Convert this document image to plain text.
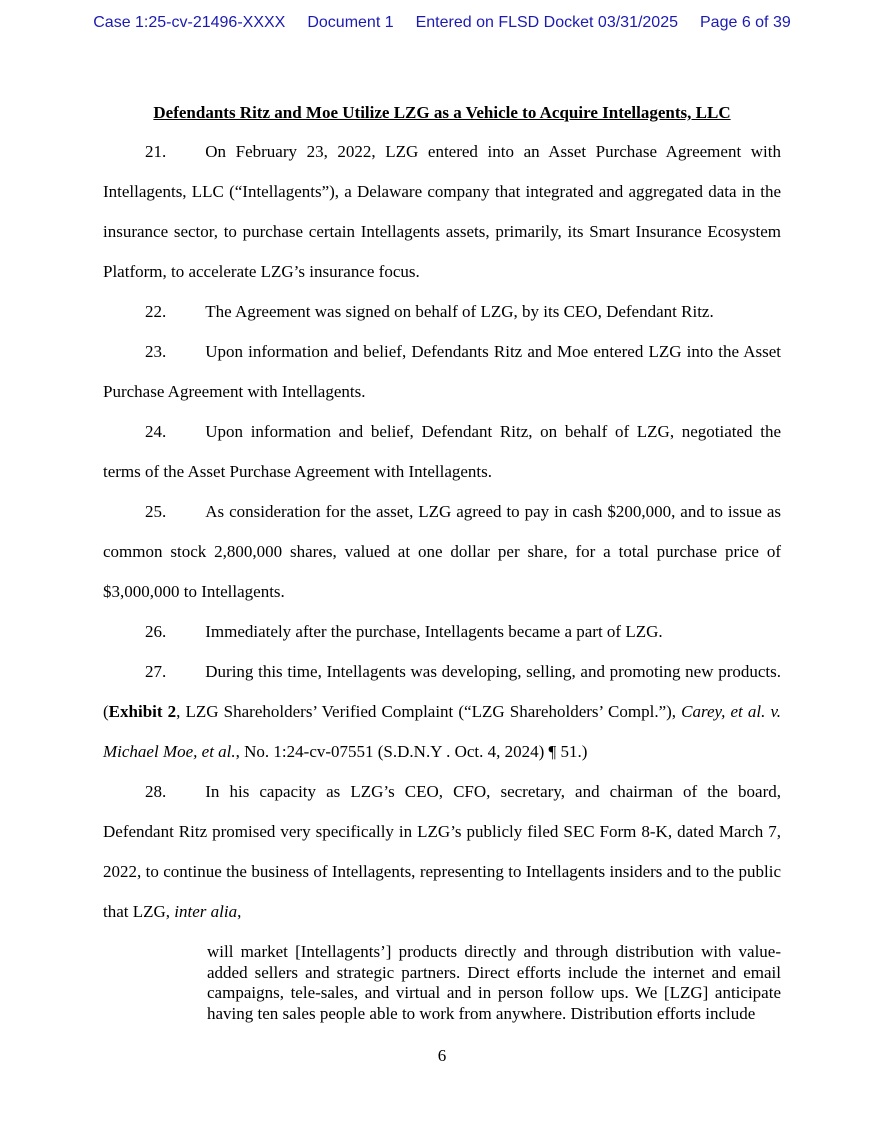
Case 1:25-cv-21496-XXXX Document 1 Entered on FLSD Docket 03/31/2025 Page 6 of 39
Defendants Ritz and Moe Utilize LZG as a Vehicle to Acquire Intellagents, LLC

21. On February 23, 2022, LZG entered into an Asset Purchase Agreement with Intellagents, LLC (“Intellagents”), a Delaware company that integrated and aggregated data in the insurance sector, to purchase certain Intellagents assets, primarily, its Smart Insurance Ecosystem Platform, to accelerate LZG’s insurance focus.

22. The Agreement was signed on behalf of LZG, by its CEO, Defendant Ritz.

23. Upon information and belief, Defendants Ritz and Moe entered LZG into the Asset Purchase Agreement with Intellagents.

24. Upon information and belief, Defendant Ritz, on behalf of LZG, negotiated the terms of the Asset Purchase Agreement with Intellagents.

25. As consideration for the asset, LZG agreed to pay in cash $200,000, and to issue as common stock 2,800,000 shares, valued at one dollar per share, for a total purchase price of $3,000,000 to Intellagents.

26. Immediately after the purchase, Intellagents became a part of LZG.

27. During this time, Intellagents was developing, selling, and promoting new products. (Exhibit 2, LZG Shareholders’ Verified Complaint (“LZG Shareholders’ Compl.”), Carey, et al. v. Michael Moe, et al., No. 1:24-cv-07551 (S.D.N.Y . Oct. 4, 2024) ¶ 51.)

28. In his capacity as LZG’s CEO, CFO, secretary, and chairman of the board, Defendant Ritz promised very specifically in LZG’s publicly filed SEC Form 8-K, dated March 7, 2022, to continue the business of Intellagents, representing to Intellagents insiders and to the public that LZG, inter alia,

will market [Intellagents’] products directly and through distribution with value-added sellers and strategic partners. Direct efforts include the internet and email campaigns, tele-sales, and virtual and in person follow ups. We [LZG] anticipate having ten sales people able to work from anywhere. Distribution efforts include
6
